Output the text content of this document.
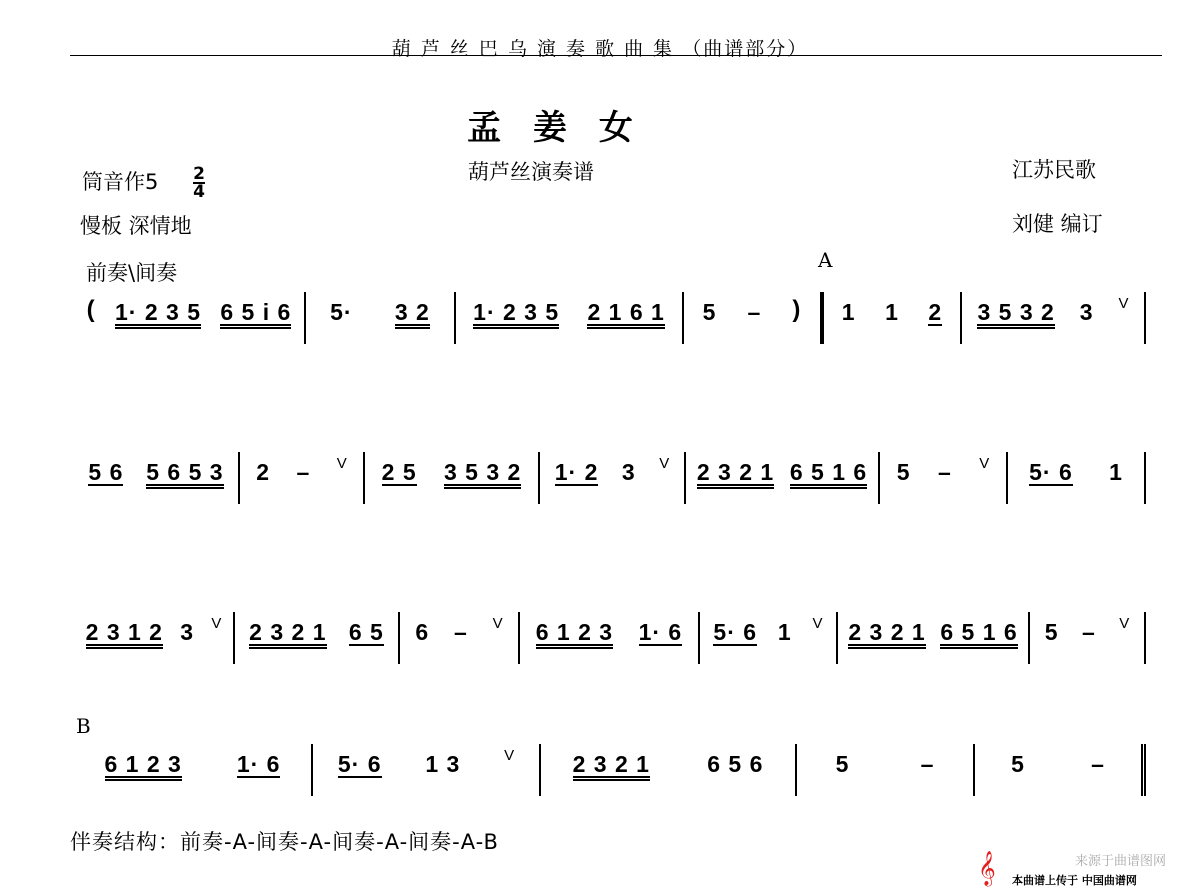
葫 芦 丝 巴 乌 演 奏 歌 曲 集 （曲谱部分）
孟 姜 女
葫芦丝演奏谱
筒音作$5 \frac{2}{4}$
慢板 深情地
前奏\间奏
江苏民歌
刘健 编订
A
B
( 1· 2 3 5 6 5 i 6 5· 3 2 1· 2 3 5 2 1 6 1 5 – ) 1 1 2 3 5 3 2 3 V
5 6 5 6 5 3 2 – V 2 5 3 5 3 2 1· 2 3 V 2 3 2 1 6 5 1 6 5 – V 5· 6 1
2 3 1 2 3 V 2 3 2 1 6 5 6 – V 6 1 2 3 1· 6 5· 6 1 V 2 3 2 1 6 5 1 6 5 – V
6 1 2 3 1· 6 5· 6 1 3	V	2 3 2 1 6 5 6	5	–	5	–
伴奏结构：前奏-A-间奏-A-间奏-A-间奏-A-B
𝄞	来源于曲谱图网
本曲谱上传于 中国曲谱网
